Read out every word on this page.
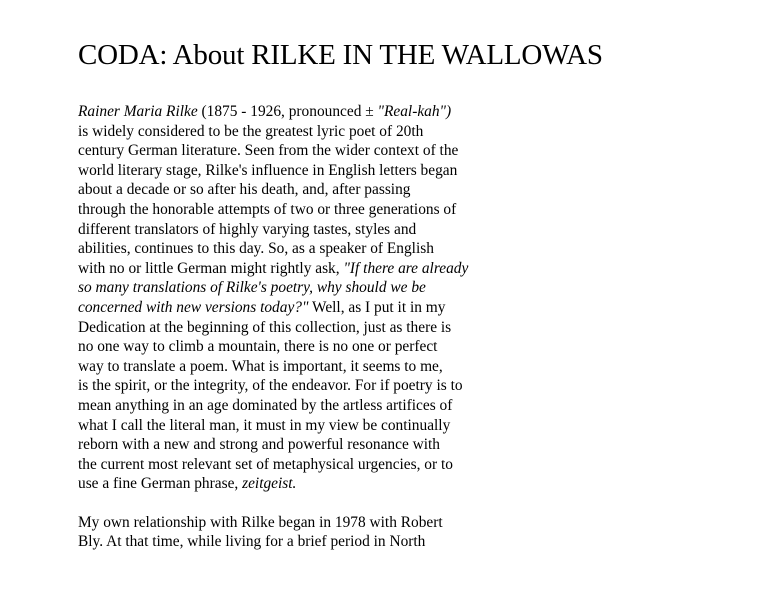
CODA: About RILKE IN THE WALLOWAS

Rainer Maria Rilke (1875 - 1926, pronounced ± "Real-kah")
is widely considered to be the greatest lyric poet of 20th
century German literature. Seen from the wider context of the
world literary stage, Rilke's influence in English letters began
about a decade or so after his death, and, after passing
through the honorable attempts of two or three generations of
different translators of highly varying tastes, styles and
abilities, continues to this day. So, as a speaker of English
with no or little German might rightly ask, "If there are already
so many translations of Rilke's poetry, why should we be
concerned with new versions today?" Well, as I put it in my
Dedication at the beginning of this collection, just as there is
no one way to climb a mountain, there is no one or perfect
way to translate a poem. What is important, it seems to me,
is the spirit, or the integrity, of the endeavor. For if poetry is to
mean anything in an age dominated by the artless artifices of
what I call the literal man, it must in my view be continually
reborn with a new and strong and powerful resonance with
the current most relevant set of metaphysical urgencies, or to
use a fine German phrase, zeitgeist.

My own relationship with Rilke began in 1978 with Robert
Bly. At that time, while living for a brief period in North
